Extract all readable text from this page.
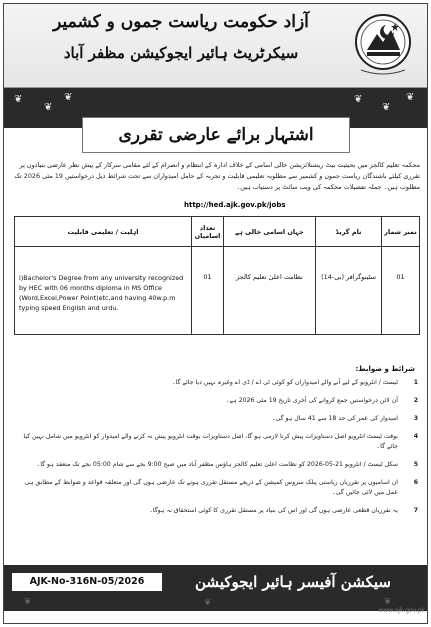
آزاد حکومت ریاست جموں و کشمیر
سیکرٹریٹ ہائیر ایجوکیشن مظفر آباد
❦
❦
❦	❦
❦
❦
اشتہار برائے عارضی تقرری
محکمہ تعلیم کالجز میں بحیثیت بیٹ ریشنلائزیشن خالی اسامی کے خلاف ادارہ کے انتظام و انصرام کے لئے مقامی سرکار کے پیش نظر عارضی بنیادوں پر تقرری کیلئے باشندگان ریاست جموں و کشمیر سے مطلوبہ تعلیمی قابلیت و تجربہ کے حامل امیدواران سے تحت شرائط ذیل درخواستیں 19 مئی 2026 تک مطلوب ہیں۔ جملہ تفصیلات محکمہ کی ویب سائٹ پر دستیاب ہیں۔
http://hed.ajk.gov.pk/jobs
نمبر شمار	نام گریڈ	جہاں اسامی خالی ہے	تعداد اسامیاں	اہلیت / تعلیمی قابلیت
01	سٹینوگرافر (بی-14)	نظامت اعلیٰ تعلیم کالجز	01	i)Bachelor's Degree from any university recognized by HEC with 06 months diploma in MS Office (Word,Excel,Power Point)etc,and having 40w.p.m typing speed English and urdu.
شرائط و ضوابط:
1
ٹیسٹ / انٹرویو کے لیے آنے والے امیدواران کو کوئی ٹی اے / ڈی اے وغیرہ نہیں دیا جائے گا۔
2
آن لائن درخواستیں جمع کروانے کی آخری تاریخ 19 مئی 2026 ہے۔
3
امیدوار کی عمر کی حد 18 سے 41 سال ہو گی۔
4
بوقت ٹیسٹ انٹرویو اصل دستاویزات پیش کرنا لازمی ہو گا، اصل دستاویزات بوقت انٹرویو پیش نہ کرنے والے امیدوار کو انٹرویو میں شامل نہیں کیا جائے گا۔
5
سکل ٹیسٹ / انٹرویو 21-05-2026 کو نظامت اعلیٰ تعلیم کالجز ہاؤس مظفر آباد میں صبح 9:00 بجے سے شام 05:00 بجے تک منعقد ہو گا۔
6
ان اسامیوں پر تقرریاں ریاستی پبلک سروس کمیشن کے ذریعے مستقل تقرری ہونے تک عارضی ہوں گی اور متعلقہ قواعد و ضوابط کے مطابق ہی عمل میں لائی جائیں گی۔
7
یہ تقرریاں قطعی عارضی ہوں گی اور اس کی بنیاد پر مستقل تقرری کا کوئی استحقاق نہ ہوگا۔
AJK-No-316N-05/2026	سیکشن آفیسر ہائیر ایجوکیشن
❦	❦	❦
www.ajk.gov.pk
